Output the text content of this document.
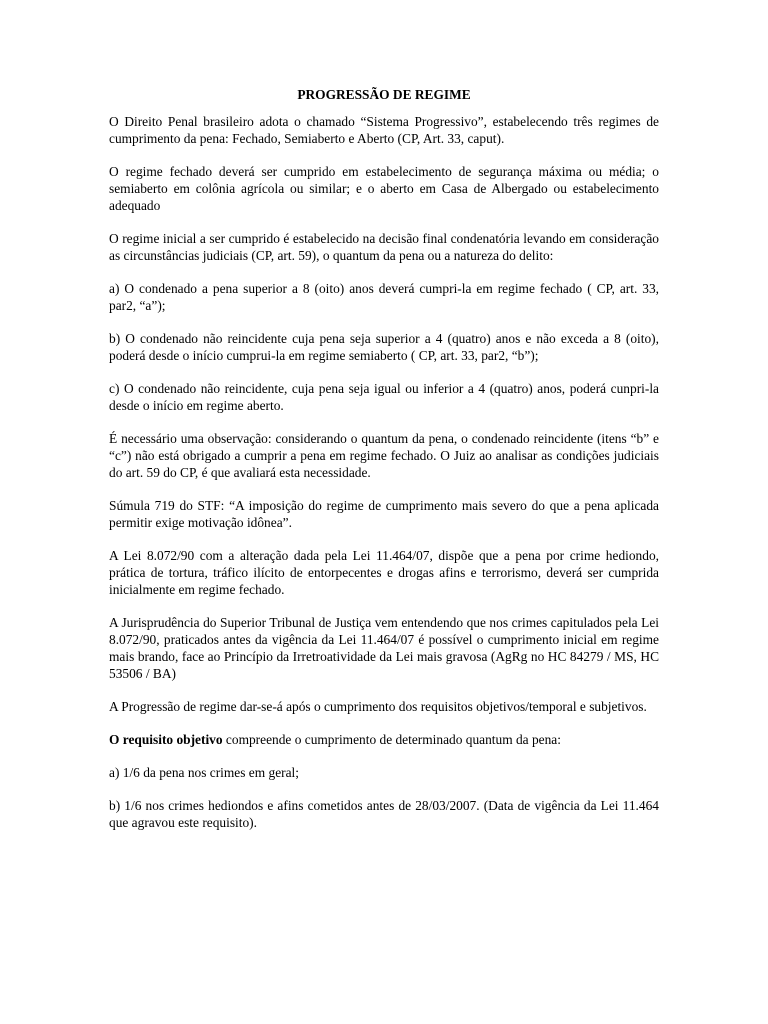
PROGRESSÃO DE REGIME

O Direito Penal brasileiro adota o chamado “Sistema Progressivo”, estabelecendo três regimes de cumprimento da pena: Fechado, Semiaberto e Aberto (CP, Art. 33, caput).

O regime fechado deverá ser cumprido em estabelecimento de segurança máxima ou média; o semiaberto em colônia agrícola ou similar; e o aberto em Casa de Albergado ou estabelecimento adequado

O regime inicial a ser cumprido é estabelecido na decisão final condenatória levando em consideração as circunstâncias judiciais (CP, art. 59), o quantum da pena ou a natureza do delito:

a) O condenado a pena superior a 8 (oito) anos deverá cumpri-la em regime fechado ( CP, art. 33, par2, “a”);

b) O condenado não reincidente cuja pena seja superior a 4 (quatro) anos e não exceda a 8 (oito), poderá desde o início cumprui-la em regime semiaberto ( CP, art. 33, par2, “b”);

c) O condenado não reincidente, cuja pena seja igual ou inferior a 4 (quatro) anos, poderá cunpri-la desde o início em regime aberto.

É necessário uma observação: considerando o quantum da pena, o condenado reincidente (itens “b” e “c”) não está obrigado a cumprir a pena em regime fechado. O Juiz ao analisar as condições judiciais do art. 59 do CP, é que avaliará esta necessidade.

Súmula 719 do STF: “A imposição do regime de cumprimento mais severo do que a pena aplicada permitir exige motivação idônea”.

A Lei 8.072/90 com a alteração dada pela Lei 11.464/07, dispõe que a pena por crime hediondo, prática de tortura, tráfico ilícito de entorpecentes e drogas afins e terrorismo, deverá ser cumprida inicialmente em regime fechado.

A Jurisprudência do Superior Tribunal de Justiça vem entendendo que nos crimes capitulados pela Lei 8.072/90, praticados antes da vigência da Lei 11.464/07 é possível o cumprimento inicial em regime mais brando, face ao Princípio da Irretroatividade da Lei mais gravosa (AgRg no HC 84279 / MS, HC 53506 / BA)

A Progressão de regime dar-se-á após o cumprimento dos requisitos objetivos/temporal e subjetivos.

O requisito objetivo compreende o cumprimento de determinado quantum da pena:

a) 1/6 da pena nos crimes em geral;

b) 1/6 nos crimes hediondos e afins cometidos antes de 28/03/2007. (Data de vigência da Lei 11.464 que agravou este requisito).
